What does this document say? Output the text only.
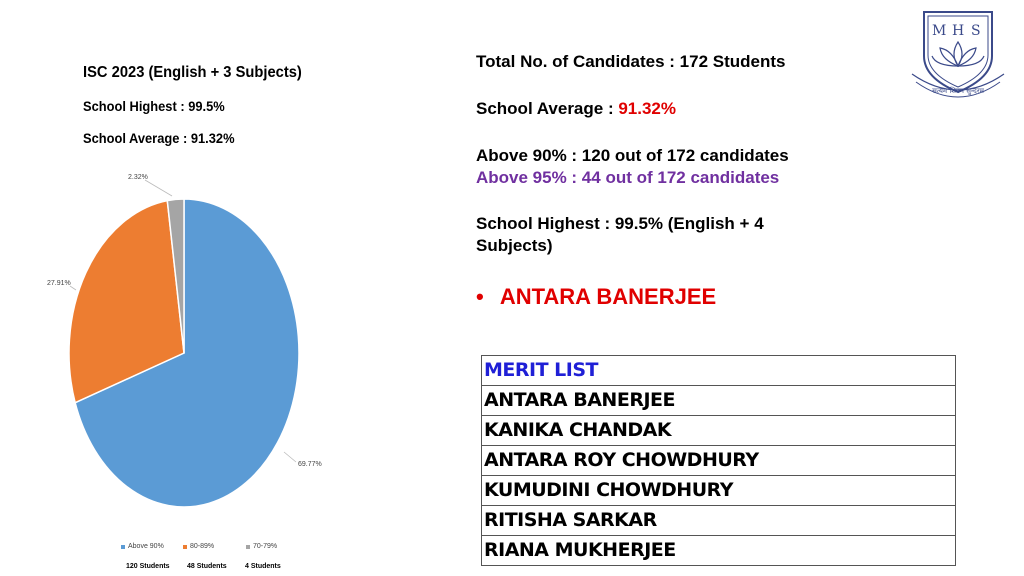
ISC 2023 (English + 3 Subjects)
School Highest : 99.5%
School Average : 91.32%
2.32%
27.91%
69.77%
Above 90%	80-89%	70-79%
120 Students 48 Students	4 Students
Total No. of Candidates : 172 Students
School Average : 91.32%
Above 90% : 120 out of 172 candidates
Above 95% : 44 out of 172 candidates
School Highest : 99.5% (English + 4
Subjects)
• ANTARA BANERJEE
MERIT LIST
ANTARA BANERJEE
KANIKA CHANDAK
ANTARA ROY CHOWDHURY
KUMUDINI CHOWDHURY
RITISHA SARKAR
RIANA MUKHERJEE
M H S
सत्यम शिवम सुन्दरम
